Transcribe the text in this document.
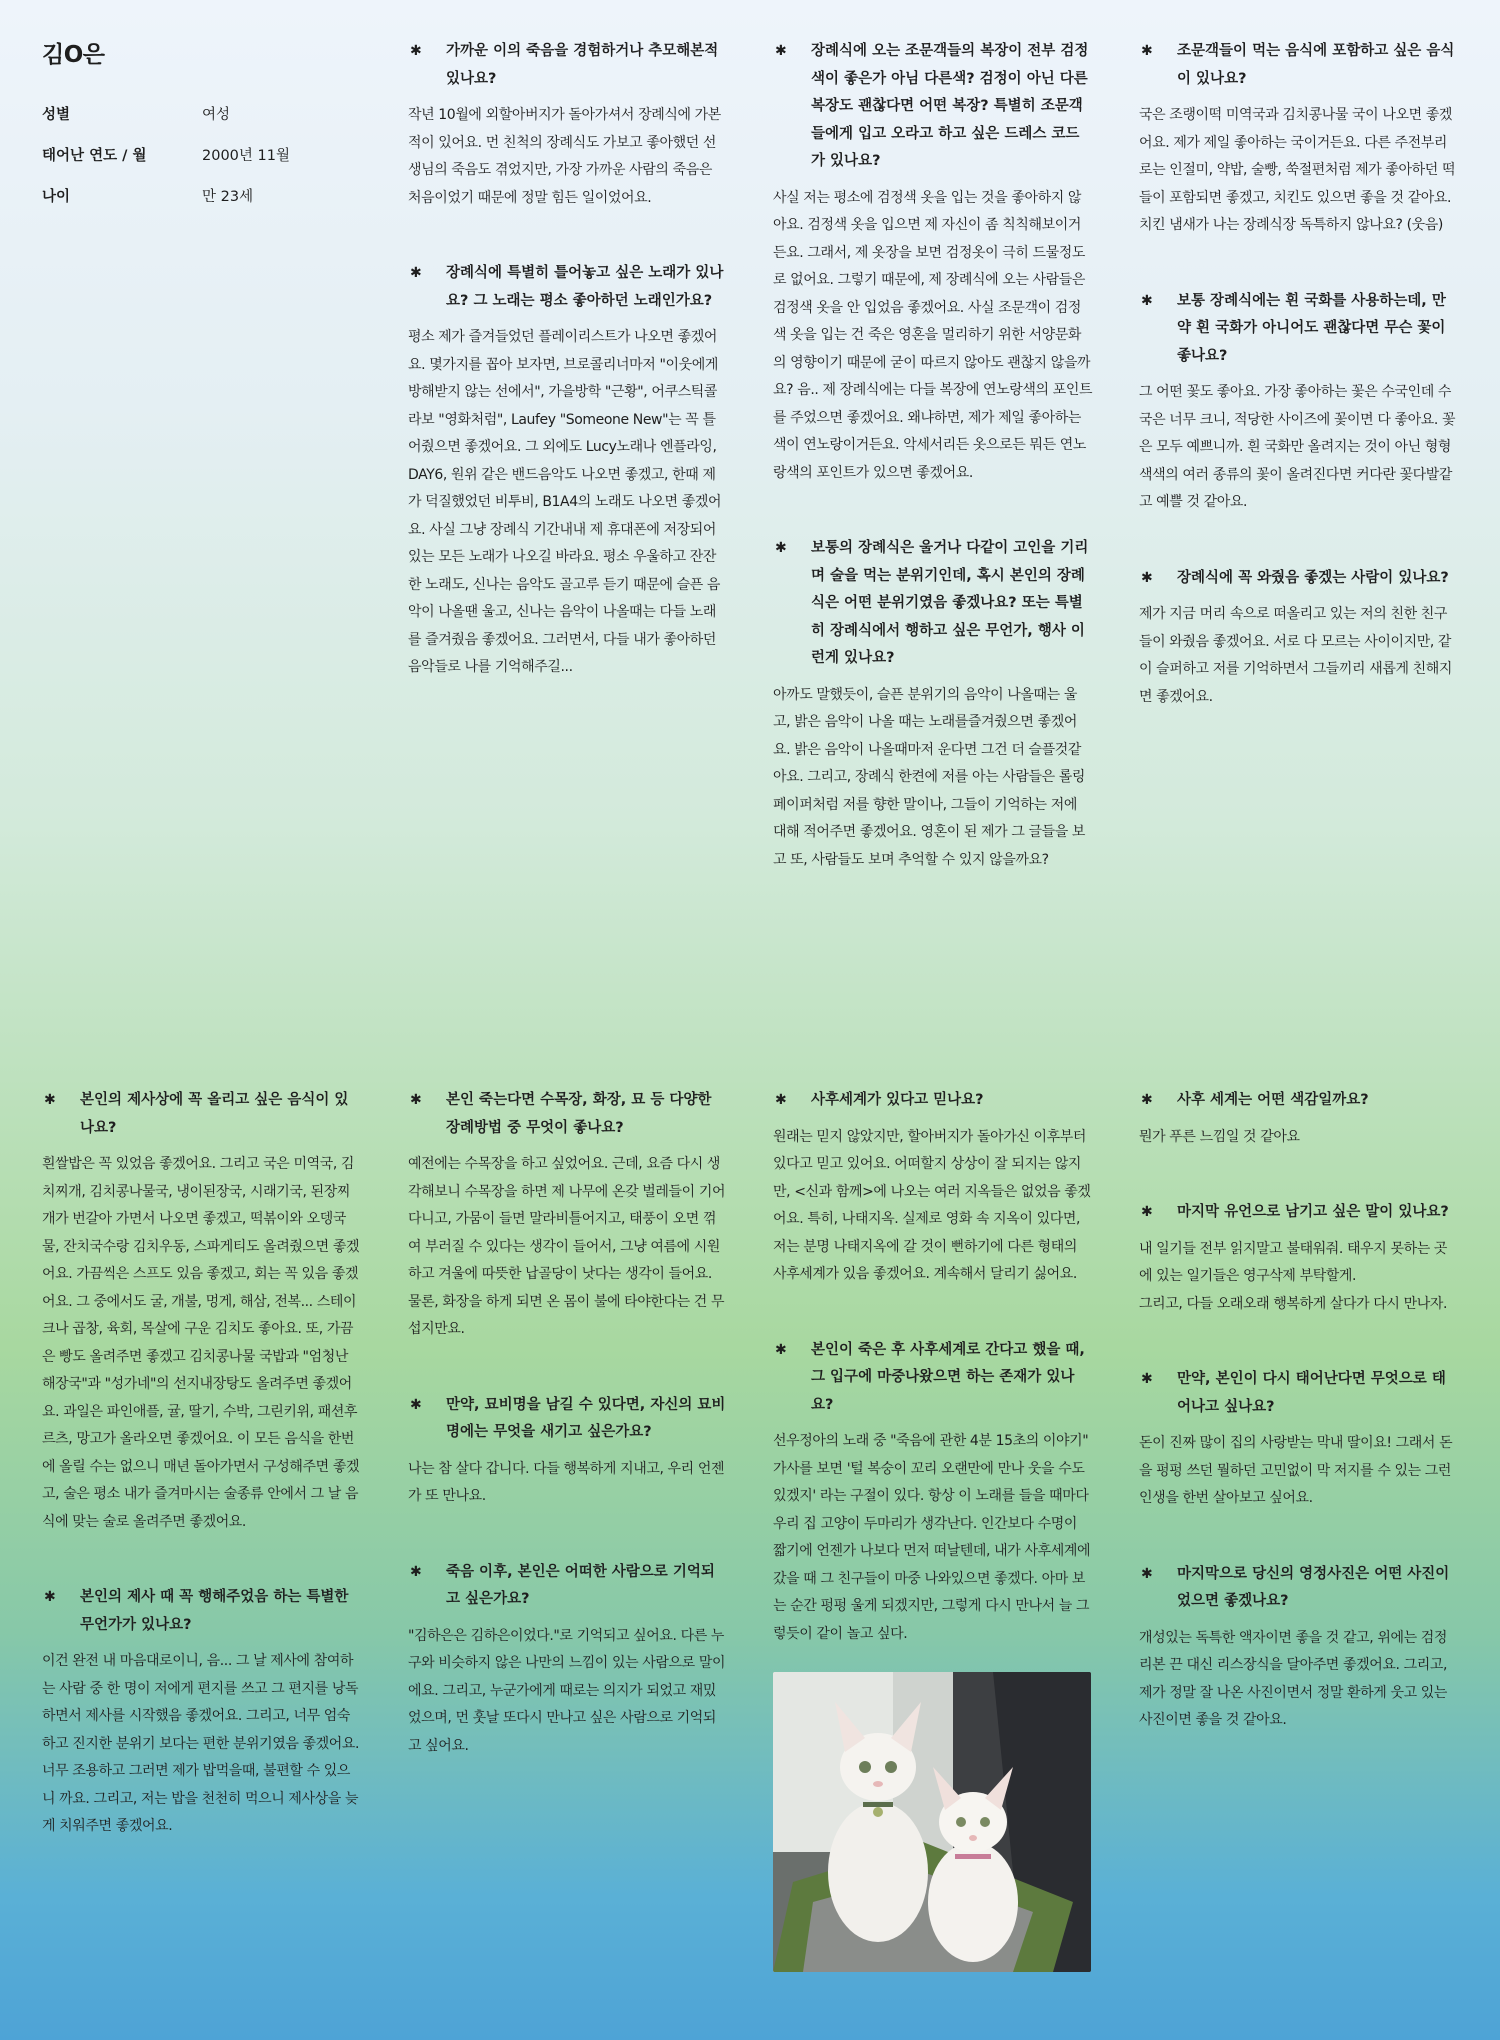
김O은
성별	여성
태어난 연도 / 월	2000년 11월
나이	만 23세

✱ 가까운 이의 죽음을 경험하거나 추모해본적 있나요?

작년 10월에 외할아버지가 돌아가셔서 장례식에 가본 적이 있어요. 먼 친척의 장례식도 가보고 좋아했던 선생님의 죽음도 겪었지만, 가장 가까운 사람의 죽음은 처음이었기 때문에 정말 힘든 일이었어요.

✱ 장례식에 특별히 틀어놓고 싶은 노래가 있나요? 그 노래는 평소 좋아하던 노래인가요?

평소 제가 즐겨들었던 플레이리스트가 나오면 좋겠어요. 몇가지를 꼽아 보자면, 브로콜리너마저 "이웃에게 방해받지 않는 선에서", 가을방학 "근황", 어쿠스틱콜라보 "영화처럼", Laufey "Someone New"는 꼭 틀어줬으면 좋겠어요. 그 외에도 Lucy노래나 엔플라잉, DAY6, 원위 같은 밴드음악도 나오면 좋겠고, 한때 제가 덕질했었던 비투비, B1A4의 노래도 나오면 좋겠어요. 사실 그냥 장례식 기간내내 제 휴대폰에 저장되어 있는 모든 노래가 나오길 바라요. 평소 우울하고 잔잔한 노래도, 신나는 음악도 골고루 듣기 때문에 슬픈 음악이 나올땐 울고, 신나는 음악이 나올때는 다들 노래를 즐겨줬음 좋겠어요. 그러면서, 다들 내가 좋아하던 음악들로 나를 기억해주길...

✱ 장례식에 오는 조문객들의 복장이 전부 검정색이 좋은가 아님 다른색? 검정이 아닌 다른 복장도 괜찮다면 어떤 복장? 특별히 조문객들에게 입고 오라고 하고 싶은 드레스 코드가 있나요?

사실 저는 평소에 검정색 옷을 입는 것을 좋아하지 않아요. 검정색 옷을 입으면 제 자신이 좀 칙칙해보이거든요. 그래서, 제 옷장을 보면 검정옷이 극히 드물정도로 없어요. 그렇기 때문에, 제 장례식에 오는 사람들은 검정색 옷을 안 입었음 좋겠어요. 사실 조문객이 검정색 옷을 입는 건 죽은 영혼을 멀리하기 위한 서양문화의 영향이기 때문에 굳이 따르지 않아도 괜찮지 않을까요? 음.. 제 장례식에는 다들 복장에 연노랑색의 포인트를 주었으면 좋겠어요. 왜냐하면, 제가 제일 좋아하는 색이 연노랑이거든요. 악세서리든 옷으로든 뭐든 연노랑색의 포인트가 있으면 좋겠어요.

✱ 보통의 장례식은 울거나 다같이 고인을 기리며 술을 먹는 분위기인데, 혹시 본인의 장례식은 어떤 분위기였음 좋겠나요? 또는 특별히 장례식에서 행하고 싶은 무언가, 행사 이런게 있나요?

아까도 말했듯이, 슬픈 분위기의 음악이 나올때는 울고, 밝은 음악이 나올 때는 노래를즐겨줬으면 좋겠어요. 밝은 음악이 나올때마저 운다면 그건 더 슬플것같아요. 그리고, 장례식 한켠에 저를 아는 사람들은 롤링페이퍼처럼 저를 향한 말이나, 그들이 기억하는 저에 대해 적어주면 좋겠어요. 영혼이 된 제가 그 글들을 보고 또, 사람들도 보며 추억할 수 있지 않을까요?

✱ 조문객들이 먹는 음식에 포함하고 싶은 음식이 있나요?

국은 조랭이떡 미역국과 김치콩나물 국이 나오면 좋겠어요. 제가 제일 좋아하는 국이거든요. 다른 주전부리로는 인절미, 약밥, 술빵, 쑥절편처럼 제가 좋아하던 떡들이 포함되면 좋겠고, 치킨도 있으면 좋을 것 같아요. 치킨 냄새가 나는 장례식장 독특하지 않나요? (웃음)

✱ 보통 장례식에는 흰 국화를 사용하는데, 만약 흰 국화가 아니어도 괜찮다면 무슨 꽃이 좋나요?

그 어떤 꽃도 좋아요. 가장 좋아하는 꽃은 수국인데 수국은 너무 크니, 적당한 사이즈에 꽃이면 다 좋아요. 꽃은 모두 예쁘니까. 흰 국화만 올려지는 것이 아닌 형형색색의 여러 종류의 꽃이 올려진다면 커다란 꽃다발같고 예쁠 것 같아요.

✱ 장례식에 꼭 와줬음 좋겠는 사람이 있나요?

제가 지금 머리 속으로 떠올리고 있는 저의 친한 친구들이 와줬음 좋겠어요. 서로 다 모르는 사이이지만, 같이 슬퍼하고 저를 기억하면서 그들끼리 새롭게 친해지면 좋겠어요.

✱ 본인의 제사상에 꼭 올리고 싶은 음식이 있나요?

흰쌀밥은 꼭 있었음 좋겠어요. 그리고 국은 미역국, 김치찌개, 김치콩나물국, 냉이된장국, 시래기국, 된장찌개가 번갈아 가면서 나오면 좋겠고, 떡볶이와 오뎅국물, 잔치국수랑 김치우동, 스파게티도 올려줬으면 좋겠어요. 가끔씩은 스프도 있음 좋겠고, 회는 꼭 있음 좋겠어요. 그 중에서도 굴, 개불, 멍게, 해삼, 전복... 스테이크나 곱창, 육회, 목살에 구운 김치도 좋아요. 또, 가끔은 빵도 올려주면 좋겠고 김치콩나물 국밥과 "엄청난 해장국"과 "성가네"의 선지내장탕도 올려주면 좋겠어요. 과일은 파인애플, 귤, 딸기, 수박, 그린키위, 패션후르츠, 망고가 올라오면 좋겠어요. 이 모든 음식을 한번에 올릴 수는 없으니 매년 돌아가면서 구성해주면 좋겠고, 술은 평소 내가 즐겨마시는 술종류 안에서 그 날 음식에 맞는 술로 올려주면 좋겠어요.

✱ 본인의 제사 때 꼭 행해주었음 하는 특별한 무언가가 있나요?

이건 완전 내 마음대로이니, 음... 그 날 제사에 참여하는 사람 중 한 명이 저에게 편지를 쓰고 그 편지를 낭독하면서 제사를 시작했음 좋겠어요. 그리고, 너무 엄숙하고 진지한 분위기 보다는 편한 분위기였음 좋겠어요. 너무 조용하고 그러면 제가 밥먹을때, 불편할 수 있으니 까요. 그리고, 저는 밥을 천천히 먹으니 제사상을 늦게 치워주면 좋겠어요.

✱ 본인 죽는다면 수목장, 화장, 묘 등 다양한 장례방법 중 무엇이 좋나요?

예전에는 수목장을 하고 싶었어요. 근데, 요즘 다시 생각해보니 수목장을 하면 제 나무에 온갖 벌레들이 기어다니고, 가뭄이 들면 말라비틀어지고, 태풍이 오면 꺾여 부러질 수 있다는 생각이 들어서, 그냥 여름에 시원하고 겨울에 따뜻한 납골당이 낫다는 생각이 들어요. 물론, 화장을 하게 되면 온 몸이 불에 타야한다는 건 무섭지만요.

✱ 만약, 묘비명을 남길 수 있다면, 자신의 묘비명에는 무엇을 새기고 싶은가요?

나는 참 살다 갑니다. 다들 행복하게 지내고, 우리 언젠가 또 만나요.

✱ 죽음 이후, 본인은 어떠한 사람으로 기억되고 싶은가요?

"김하은은 김하은이었다."로 기억되고 싶어요. 다른 누구와 비슷하지 않은 나만의 느낌이 있는 사람으로 말이에요. 그리고, 누군가에게 때로는 의지가 되었고 재밌었으며, 먼 훗날 또다시 만나고 싶은 사람으로 기억되고 싶어요.

✱ 사후세계가 있다고 믿나요?

원래는 믿지 않았지만, 할아버지가 돌아가신 이후부터 있다고 믿고 있어요. 어떠할지 상상이 잘 되지는 않지만, <신과 함께>에 나오는 여러 지옥들은 없었음 좋겠어요. 특히, 나태지옥. 실제로 영화 속 지옥이 있다면, 저는 분명 나태지옥에 갈 것이 뻔하기에 다른 형태의 사후세계가 있음 좋겠어요. 계속해서 달리기 싫어요.

✱ 본인이 죽은 후 사후세계로 간다고 했을 때, 그 입구에 마중나왔으면 하는 존재가 있나요?

선우정아의 노래 중 "죽음에 관한 4분 15초의 이야기" 가사를 보면 '털 복숭이 꼬리 오랜만에 만나 웃을 수도 있겠지' 라는 구절이 있다. 항상 이 노래를 들을 때마다 우리 집 고양이 두마리가 생각난다. 인간보다 수명이 짧기에 언젠가 나보다 먼저 떠날텐데, 내가 사후세계에 갔을 때 그 친구들이 마중 나와있으면 좋겠다. 아마 보는 순간 펑펑 울게 되겠지만, 그렇게 다시 만나서 늘 그렇듯이 같이 놀고 싶다.

✱ 사후 세계는 어떤 색감일까요?

뭔가 푸른 느낌일 것 같아요

✱ 마지막 유언으로 남기고 싶은 말이 있나요?

내 일기들 전부 읽지말고 불태워줘. 태우지 못하는 곳에 있는 일기들은 영구삭제 부탁할게.
그리고, 다들 오래오래 행복하게 살다가 다시 만나자.

✱ 만약, 본인이 다시 태어난다면 무엇으로 태어나고 싶나요?

돈이 진짜 많이 집의 사랑받는 막내 딸이요! 그래서 돈을 펑펑 쓰던 뭘하던 고민없이 막 저지를 수 있는 그런 인생을 한번 살아보고 싶어요.

✱ 마지막으로 당신의 영정사진은 어떤 사진이었으면 좋겠나요?

개성있는 독특한 액자이면 좋을 것 같고, 위에는 검정 리본 끈 대신 리스장식을 달아주면 좋겠어요. 그리고, 제가 정말 잘 나온 사진이면서 정말 환하게 웃고 있는 사진이면 좋을 것 같아요.
